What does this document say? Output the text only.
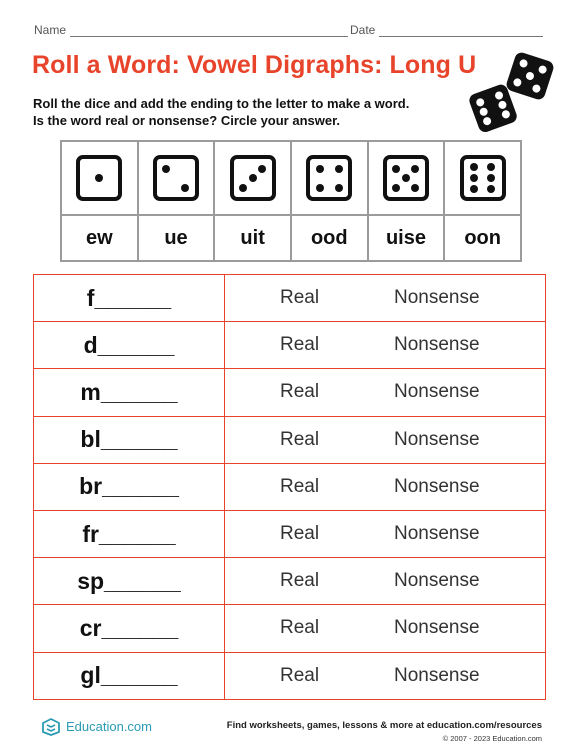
Name	Date
Roll a Word: Vowel Digraphs: Long U
Roll the dice and add the ending to the letter to make a word.
Is the word real or nonsense? Circle your answer.

ew	ue	uit	ood	uise	oon
f______	Real Nonsense

d______	Real Nonsense

m______	Real Nonsense

bl______	Real Nonsense

br______	Real Nonsense

fr______	Real Nonsense

sp______	Real Nonsense

cr______	Real Nonsense

gl______	Real Nonsense
Education.com	Find worksheets, games, lessons & more at education.com/resources
© 2007 - 2023 Education.com
